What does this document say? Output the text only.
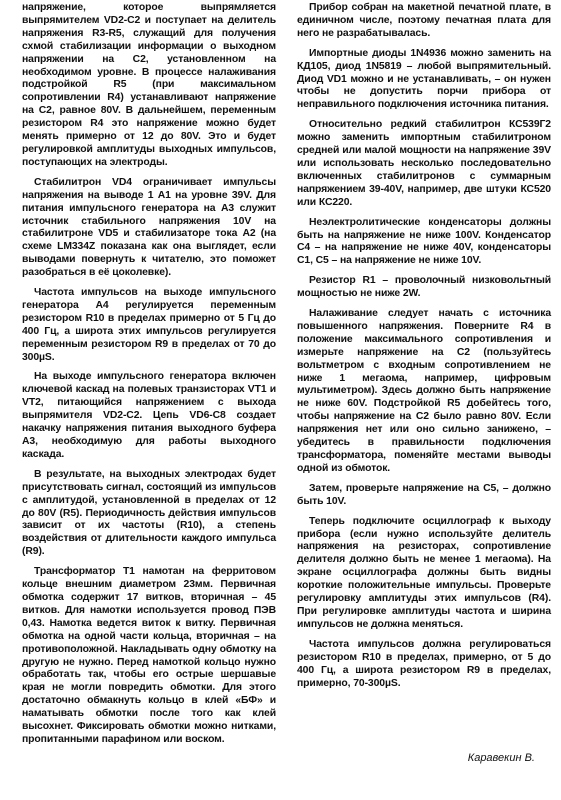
напряжение, которое выпрямляется выпрямителем VD2-C2 и поступает на делитель напряжения R3-R5, служащий для получения схмой стабилизации информации о выходном напряжении на С2, установленном на необходимом уровне. В процессе налаживания подстройкой R5 (при максимальном сопротивлении R4) устанавливают напряжение на С2, равное 80V. В дальнейшем, переменным резистором R4 это напряжение можно будет менять примерно от 12 до 80V. Это и будет регулировкой амплитуды выходных импульсов, поступающих на электроды.

Стабилитрон VD4 ограничивает импульсы напряжения на выводе 1 А1 на уровне 39V. Для питания импульсного генератора на А3 служит источник стабильного напряжения 10V на стабилитроне VD5 и стабилизаторе тока А2 (на схеме LM334Z показана как она выглядет, если выводами повернуть к читателю, это поможет разобраться в её цоколевке).

Частота импульсов на выходе импульсного генератора А4 регулируется переменным резистором R10 в пределах примерно от 5 Гц до 400 Гц, а широта этих импульсов регулируется переменным резистором R9 в пределах от 70 до 300µS.

На выходе импульсного генератора включен ключевой каскад на полевых транзисторах VT1 и VT2, питающийся напряжением с выхода выпрямителя VD2-C2. Цепь VD6-C8 создает накачку напряжения питания выходного буфера А3, необходимую для работы выходного каскада.

В результате, на выходных электродах будет присутствовать сигнал, состоящий из импульсов с амплитудой, установленной в пределах от 12 до 80V (R5). Периодичность действия импульсов зависит от их частоты (R10), а степень воздействия от длительности каждого импульса (R9).

Трансформатор Т1 намотан на ферритовом кольце внешним диаметром 23мм. Первичная обмотка содержит 17 витков, вторичная – 45 витков. Для намотки используется провод ПЭВ 0,43. Намотка ведется виток к витку. Первичная обмотка на одной части кольца, вторичная – на противоположной. Накладывать одну обмотку на другую не нужно. Перед намоткой кольцо нужно обработать так, чтобы его острые шершавые края не могли повредить обмотки. Для этого достаточно обмакнуть кольцо в клей «БФ» и наматывать обмотки после того как клей высохнет. Фиксировать обмотки можно нитками, пропитанными парафином или воском.

Прибор собран на макетной печатной плате, в единичном числе, поэтому печатная плата для него не разрабатывалась.

Импортные диоды 1N4936 можно заменить на КД105, диод 1N5819 – любой выпрямительный. Диод VD1 можно и не устанавливать, – он нужен чтобы не допустить порчи прибора от неправильного подключения источника питания.

Относительно редкий стабилитрон КС539Г2 можно заменить импортным стабилитроном средней или малой мощности на напряжение 39V или использовать несколько последовательно включенных стабилитронов с суммарным напряжением 39-40V, например, две штуки КС520 или КС220.

Неэлектролитические конденсаторы должны быть на напряжение не ниже 100V. Конденсатор С4 – на напряжение не ниже 40V, конденсаторы С1, С5 – на напряжение не ниже 10V.

Резистор R1 – проволочный низковольтный мощностью не ниже 2W.

Налаживание следует начать с источника повышенного напряжения. Поверните R4 в положение максимального сопротивления и измерьте напряжение на С2 (пользуйтесь вольтметром с входным сопротивлением не ниже 1 мегаома, например, цифровым мультиметром). Здесь должно быть напряжение не ниже 60V. Подстройкой R5 добейтесь того, чтобы напряжение на С2 было равно 80V. Если напряжения нет или оно сильно занижено, – убедитесь в правильности подключения трансформатора, поменяйте местами выводы одной из обмоток.

Затем, проверьте напряжение на С5, – должно быть 10V.

Теперь подключите осциллограф к выходу прибора (если нужно используйте делитель напряжения на резисторах, сопротивление делителя должно быть не менее 1 мегаома). На экране осциллографа должны быть видны короткие положительные импульсы. Проверьте регулировку амплитуды этих импульсов (R4). При регулировке амплитуды частота и ширина импульсов не должна меняться.

Частота импульсов должна регулироваться резистором R10 в пределах, примерно, от 5 до 400 Гц, а широта резистором R9 в пределах, примерно, 70-300µS.

Каравекин В.
